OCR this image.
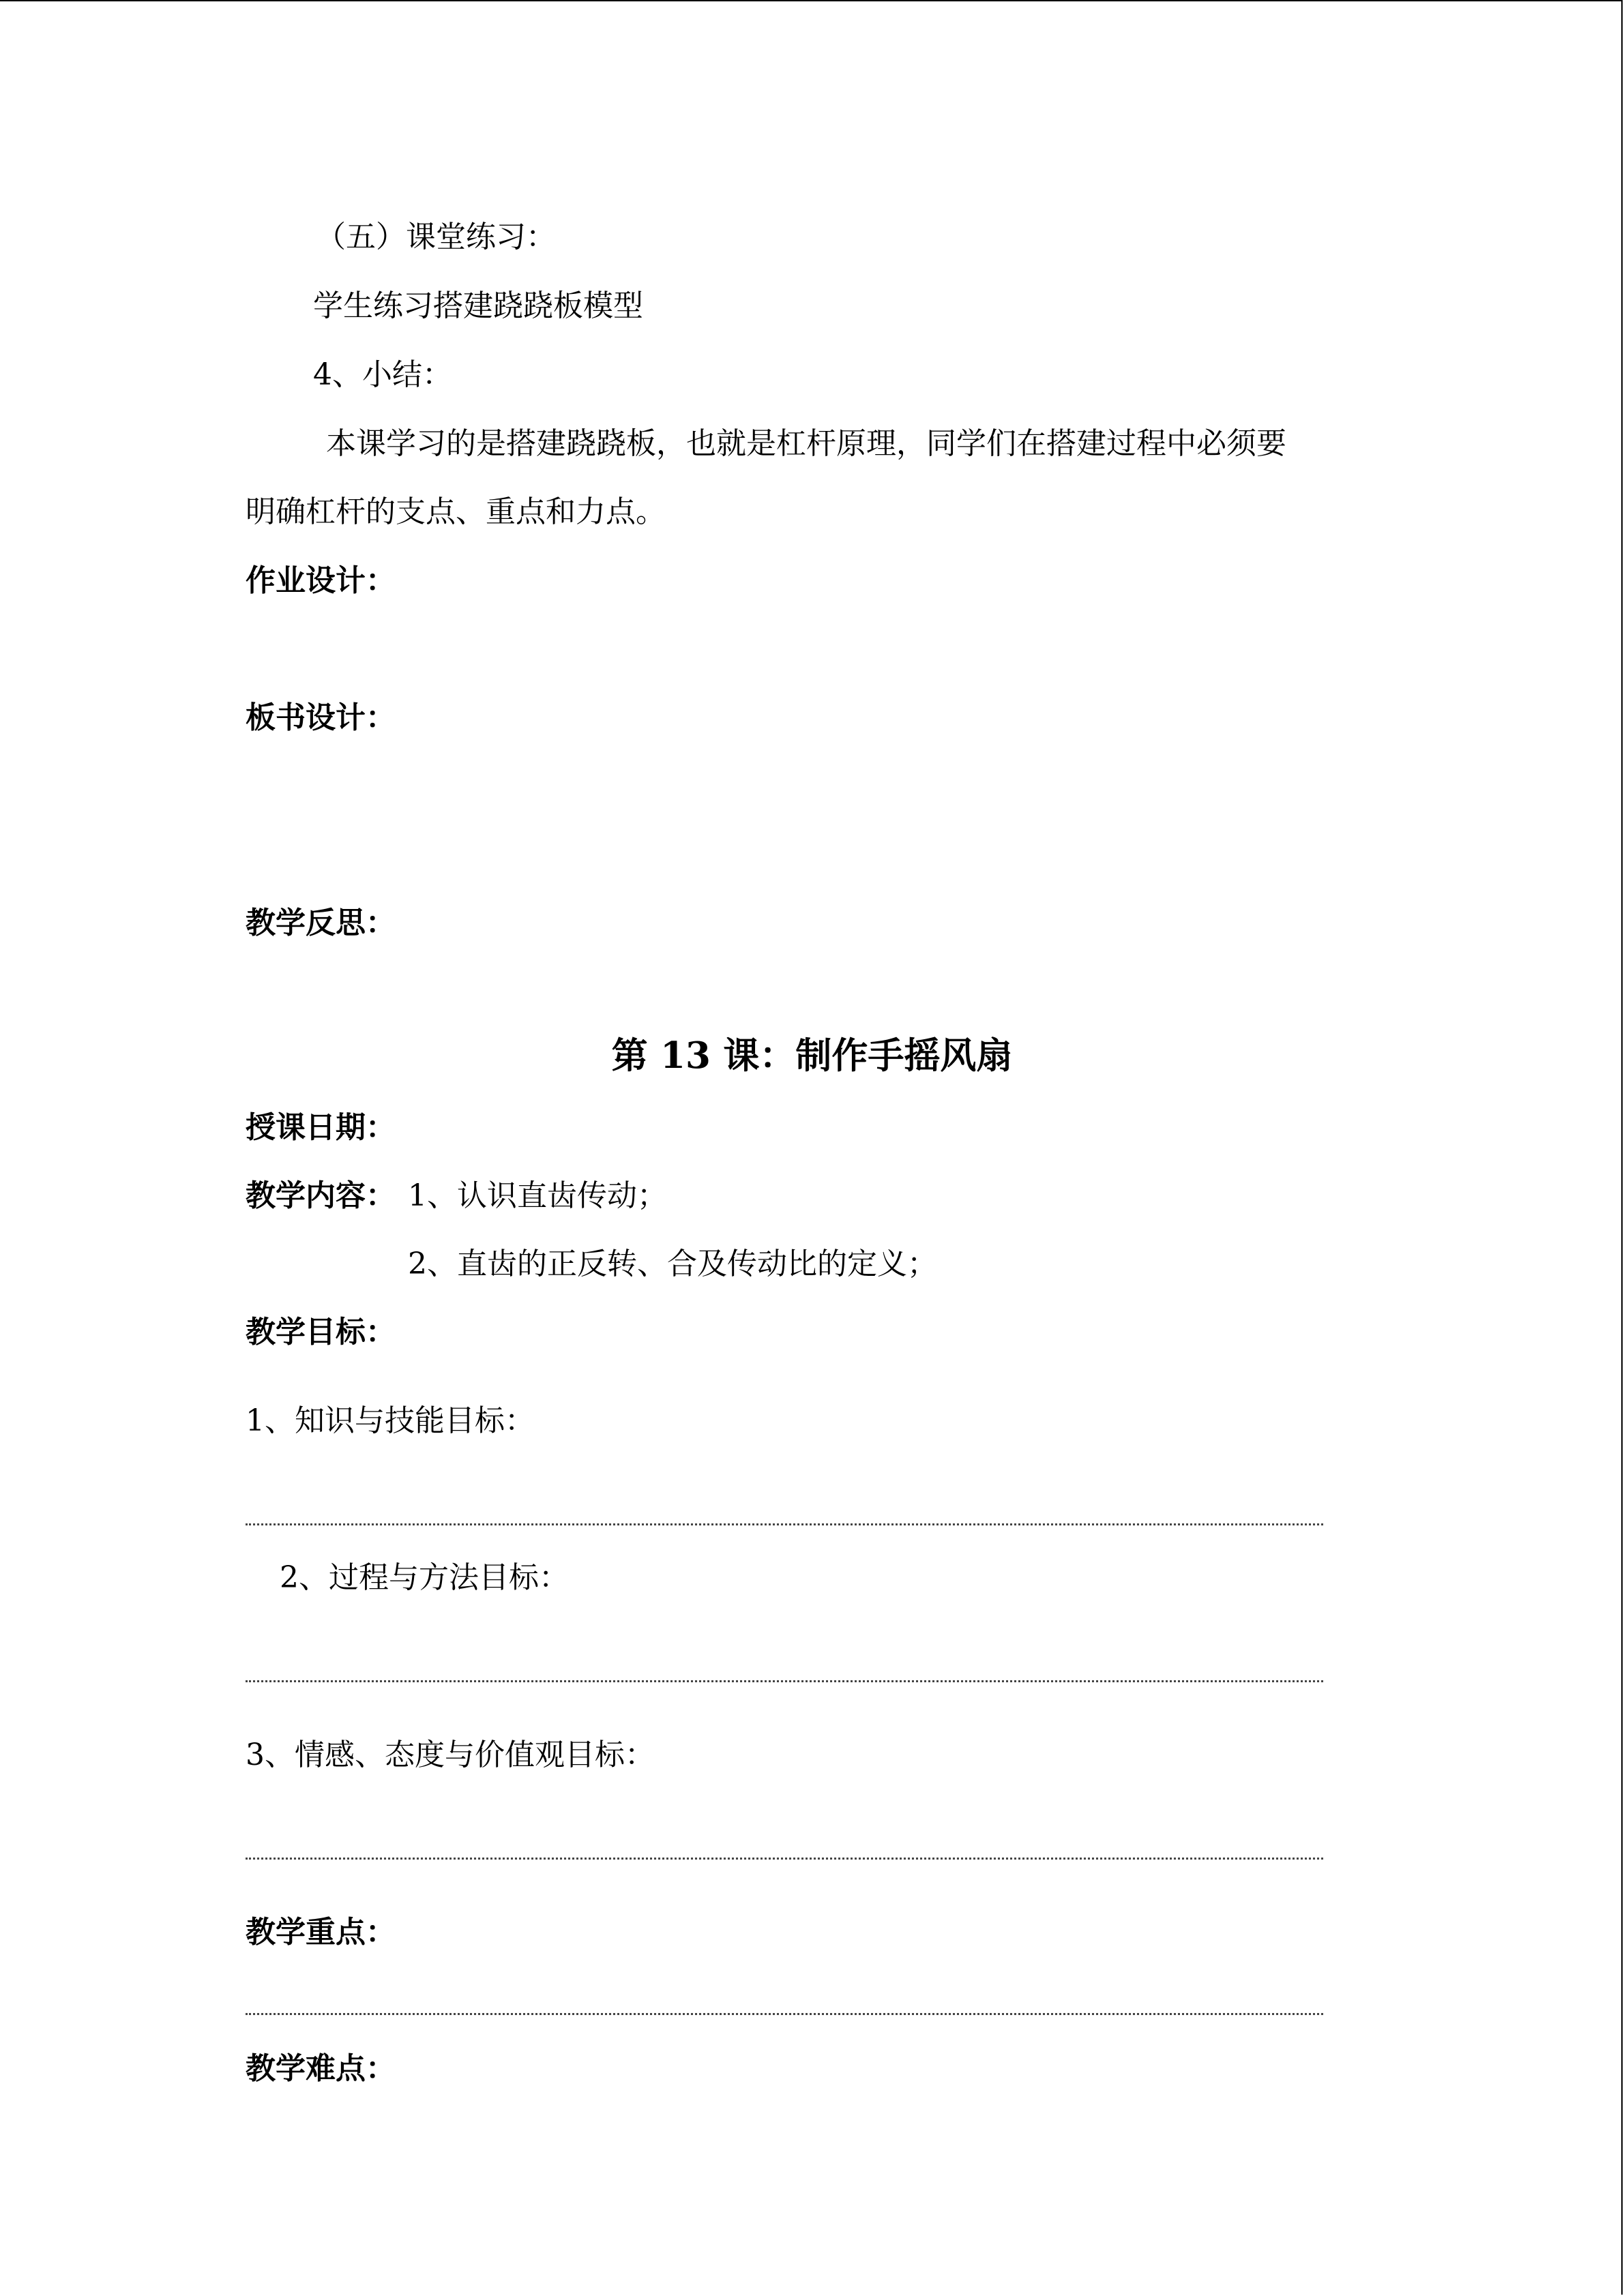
（五）课堂练习：
学生练习搭建跷跷板模型
4、小结：
本课学习的是搭建跷跷板，也就是杠杆原理，同学们在搭建过程中必须要
明确杠杆的支点、重点和力点。
作业设计：
板书设计：
教学反思：
第 13 课：制作手摇风扇
授课日期：
教学内容： 1、认识直齿传动；
2、直齿的正反转、合及传动比的定义；
教学目标：
1、知识与技能目标：
2、过程与方法目标：
3、情感、态度与价值观目标：
教学重点：
教学难点：
